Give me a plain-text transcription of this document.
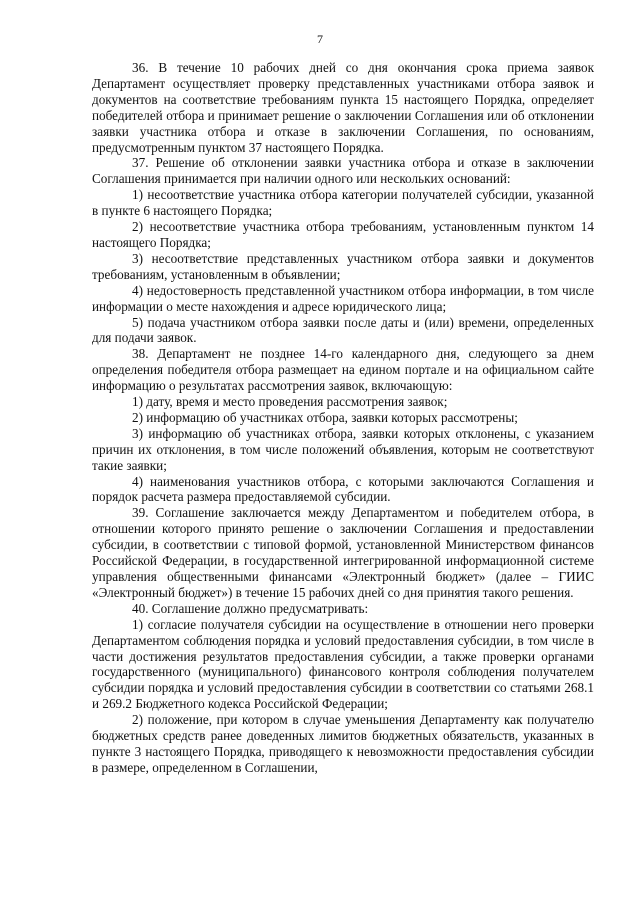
7

36. В течение 10 рабочих дней со дня окончания срока приема заявок Департамент осуществляет проверку представленных участниками отбора заявок и документов на соответствие требованиям пункта 15 настоящего Порядка, определяет победителей отбора и принимает решение о заключении Соглашения или об отклонении заявки участника отбора и отказе в заключении Соглашения, по основаниям, предусмотренным пунктом 37 настоящего Порядка.

37. Решение об отклонении заявки участника отбора и отказе в заключении Соглашения принимается при наличии одного или нескольких оснований:

1) несоответствие участника отбора категории получателей субсидии, указанной в пункте 6 настоящего Порядка;

2) несоответствие участника отбора требованиям, установленным пунктом 14 настоящего Порядка;

3) несоответствие представленных участником отбора заявки и документов требованиям, установленным в объявлении;

4) недостоверность представленной участником отбора информации, в том числе информации о месте нахождения и адресе юридического лица;

5) подача участником отбора заявки после даты и (или) времени, определенных для подачи заявок.

38. Департамент не позднее 14-го календарного дня, следующего за днем определения победителя отбора размещает на едином портале и на официальном сайте информацию о результатах рассмотрения заявок, включающую:

1) дату, время и место проведения рассмотрения заявок;

2) информацию об участниках отбора, заявки которых рассмотрены;

3) информацию об участниках отбора, заявки которых отклонены, с указанием причин их отклонения, в том числе положений объявления, которым не соответствуют такие заявки;

4) наименования участников отбора, с которыми заключаются Соглашения и порядок расчета размера предоставляемой субсидии.

39. Соглашение заключается между Департаментом и победителем отбора, в отношении которого принято решение о заключении Соглашения и предоставлении субсидии, в соответствии с типовой формой, установленной Министерством финансов Российской Федерации, в государственной интегрированной информационной системе управления общественными финансами «Электронный бюджет» (далее – ГИИС «Электронный бюджет») в течение 15 рабочих дней со дня принятия такого решения.

40. Соглашение должно предусматривать:

1) согласие получателя субсидии на осуществление в отношении него проверки Департаментом соблюдения порядка и условий предоставления субсидии, в том числе в части достижения результатов предоставления субсидии, а также проверки органами государственного (муниципального) финансового контроля соблюдения получателем субсидии порядка и условий предоставления субсидии в соответствии со статьями 268.1 и 269.2 Бюджетного кодекса Российской Федерации;

2) положение, при котором в случае уменьшения Департаменту как получателю бюджетных средств ранее доведенных лимитов бюджетных обязательств, указанных в пункте 3 настоящего Порядка, приводящего к невозможности предоставления субсидии в размере, определенном в Соглашении,
